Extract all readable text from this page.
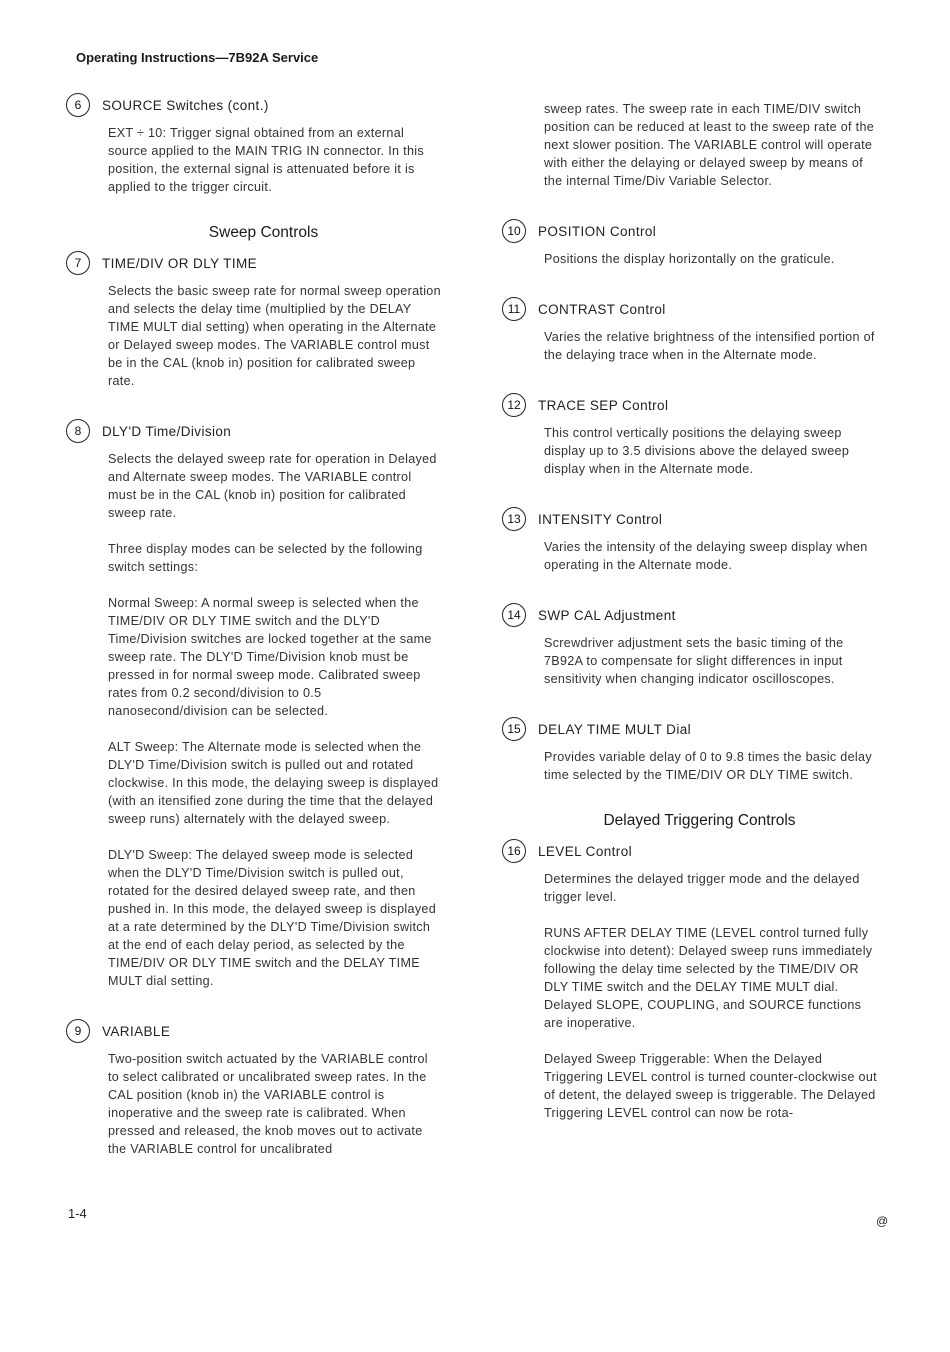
Operating Instructions—7B92A Service
6	SOURCE Switches (cont.)
EXT ÷ 10: Trigger signal obtained from an external source applied to the MAIN TRIG IN connector. In this position, the external signal is attenuated before it is applied to the trigger circuit.
Sweep Controls
7	TIME/DIV OR DLY TIME
Selects the basic sweep rate for normal sweep operation and selects the delay time (multiplied by the DELAY TIME MULT dial setting) when operating in the Alternate or Delayed sweep modes. The VARIABLE control must be in the CAL (knob in) position for calibrated sweep rate.
8	DLY'D Time/Division
Selects the delayed sweep rate for operation in Delayed and Alternate sweep modes. The VARIABLE control must be in the CAL (knob in) position for calibrated sweep rate.
Three display modes can be selected by the following switch settings:
Normal Sweep: A normal sweep is selected when the TIME/DIV OR DLY TIME switch and the DLY'D Time/Division switches are locked together at the same sweep rate. The DLY'D Time/Division knob must be pressed in for normal sweep mode. Calibrated sweep rates from 0.2 second/division to 0.5 nanosecond/division can be selected.
ALT Sweep: The Alternate mode is selected when the DLY'D Time/Division switch is pulled out and rotated clockwise. In this mode, the delaying sweep is displayed (with an itensified zone during the time that the delayed sweep runs) alternately with the delayed sweep.
DLY'D Sweep: The delayed sweep mode is selected when the DLY'D Time/Division switch is pulled out, rotated for the desired delayed sweep rate, and then pushed in. In this mode, the delayed sweep is displayed at a rate determined by the DLY'D Time/Division switch at the end of each delay period, as selected by the TIME/DIV OR DLY TIME switch and the DELAY TIME MULT dial setting.
9	VARIABLE
Two-position switch actuated by the VARIABLE control to select calibrated or uncalibrated sweep rates. In the CAL position (knob in) the VARIABLE control is inoperative and the sweep rate is calibrated. When pressed and released, the knob moves out to activate the VARIABLE control for uncalibrated
sweep rates. The sweep rate in each TIME/DIV switch position can be reduced at least to the sweep rate of the next slower position. The VARIABLE control will operate with either the delaying or delayed sweep by means of the internal Time/Div Variable Selector.
10	POSITION Control
Positions the display horizontally on the graticule.
11	CONTRAST Control
Varies the relative brightness of the intensified portion of the delaying trace when in the Alternate mode.
12	TRACE SEP Control
This control vertically positions the delaying sweep display up to 3.5 divisions above the delayed sweep display when in the Alternate mode.
13	INTENSITY Control
Varies the intensity of the delaying sweep display when operating in the Alternate mode.
14	SWP CAL Adjustment
Screwdriver adjustment sets the basic timing of the 7B92A to compensate for slight differences in input sensitivity when changing indicator oscilloscopes.
15	DELAY TIME MULT Dial
Provides variable delay of 0 to 9.8 times the basic delay time selected by the TIME/DIV OR DLY TIME switch.
Delayed Triggering Controls
16	LEVEL Control
Determines the delayed trigger mode and the delayed trigger level.
RUNS AFTER DELAY TIME (LEVEL control turned fully clockwise into detent): Delayed sweep runs immediately following the delay time selected by the TIME/DIV OR DLY TIME switch and the DELAY TIME MULT dial. Delayed SLOPE, COUPLING, and SOURCE functions are inoperative.
Delayed Sweep Triggerable: When the Delayed Triggering LEVEL control is turned counter-clockwise out of detent, the delayed sweep is triggerable. The Delayed Triggering LEVEL control can now be rota-
1-4	@
